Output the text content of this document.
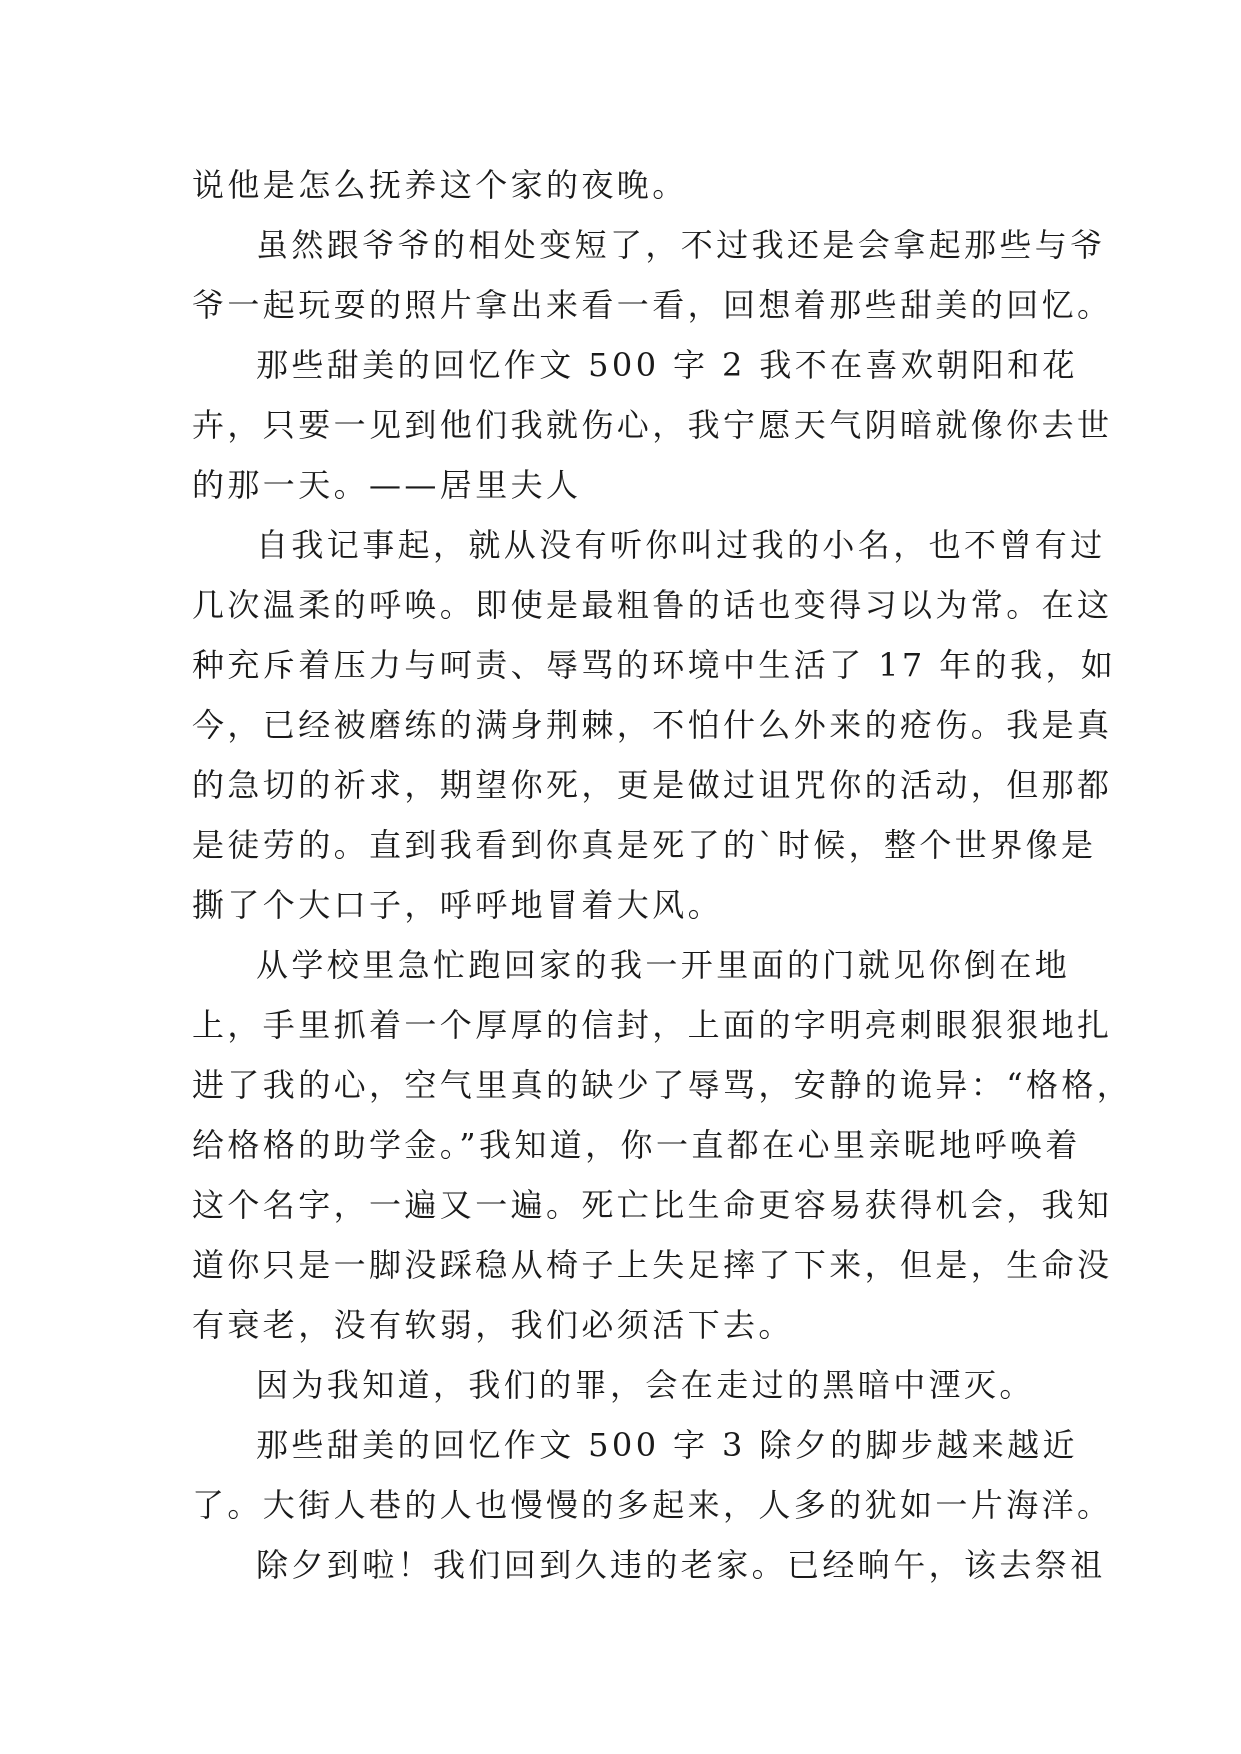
说他是怎么抚养这个家的夜晚。
虽然跟爷爷的相处变短了，不过我还是会拿起那些与爷
爷一起玩耍的照片拿出来看一看，回想着那些甜美的回忆。
那些甜美的回忆作文 500 字 2 我不在喜欢朝阳和花
卉，只要一见到他们我就伤心，我宁愿天气阴暗就像你去世
的那一天。——居里夫人
自我记事起，就从没有听你叫过我的小名，也不曾有过
几次温柔的呼唤。即使是最粗鲁的话也变得习以为常。在这
种充斥着压力与呵责、辱骂的环境中生活了 17 年的我，如
今，已经被磨练的满身荆棘，不怕什么外来的疮伤。我是真
的急切的祈求，期望你死，更是做过诅咒你的活动，但那都
是徒劳的。直到我看到你真是死了的`时候，整个世界像是
撕了个大口子，呼呼地冒着大风。
从学校里急忙跑回家的我一开里面的门就见你倒在地
上，手里抓着一个厚厚的信封，上面的字明亮刺眼狠狠地扎
进了我的心，空气里真的缺少了辱骂，安静的诡异：“格格，
给格格的助学金。”我知道，你一直都在心里亲昵地呼唤着
这个名字，一遍又一遍。死亡比生命更容易获得机会，我知
道你只是一脚没踩稳从椅子上失足摔了下来，但是，生命没
有衰老，没有软弱，我们必须活下去。
因为我知道，我们的罪，会在走过的黑暗中湮灭。
那些甜美的回忆作文 500 字 3 除夕的脚步越来越近
了。大街人巷的人也慢慢的多起来，人多的犹如一片海洋。
除夕到啦！我们回到久违的老家。已经晌午，该去祭祖
